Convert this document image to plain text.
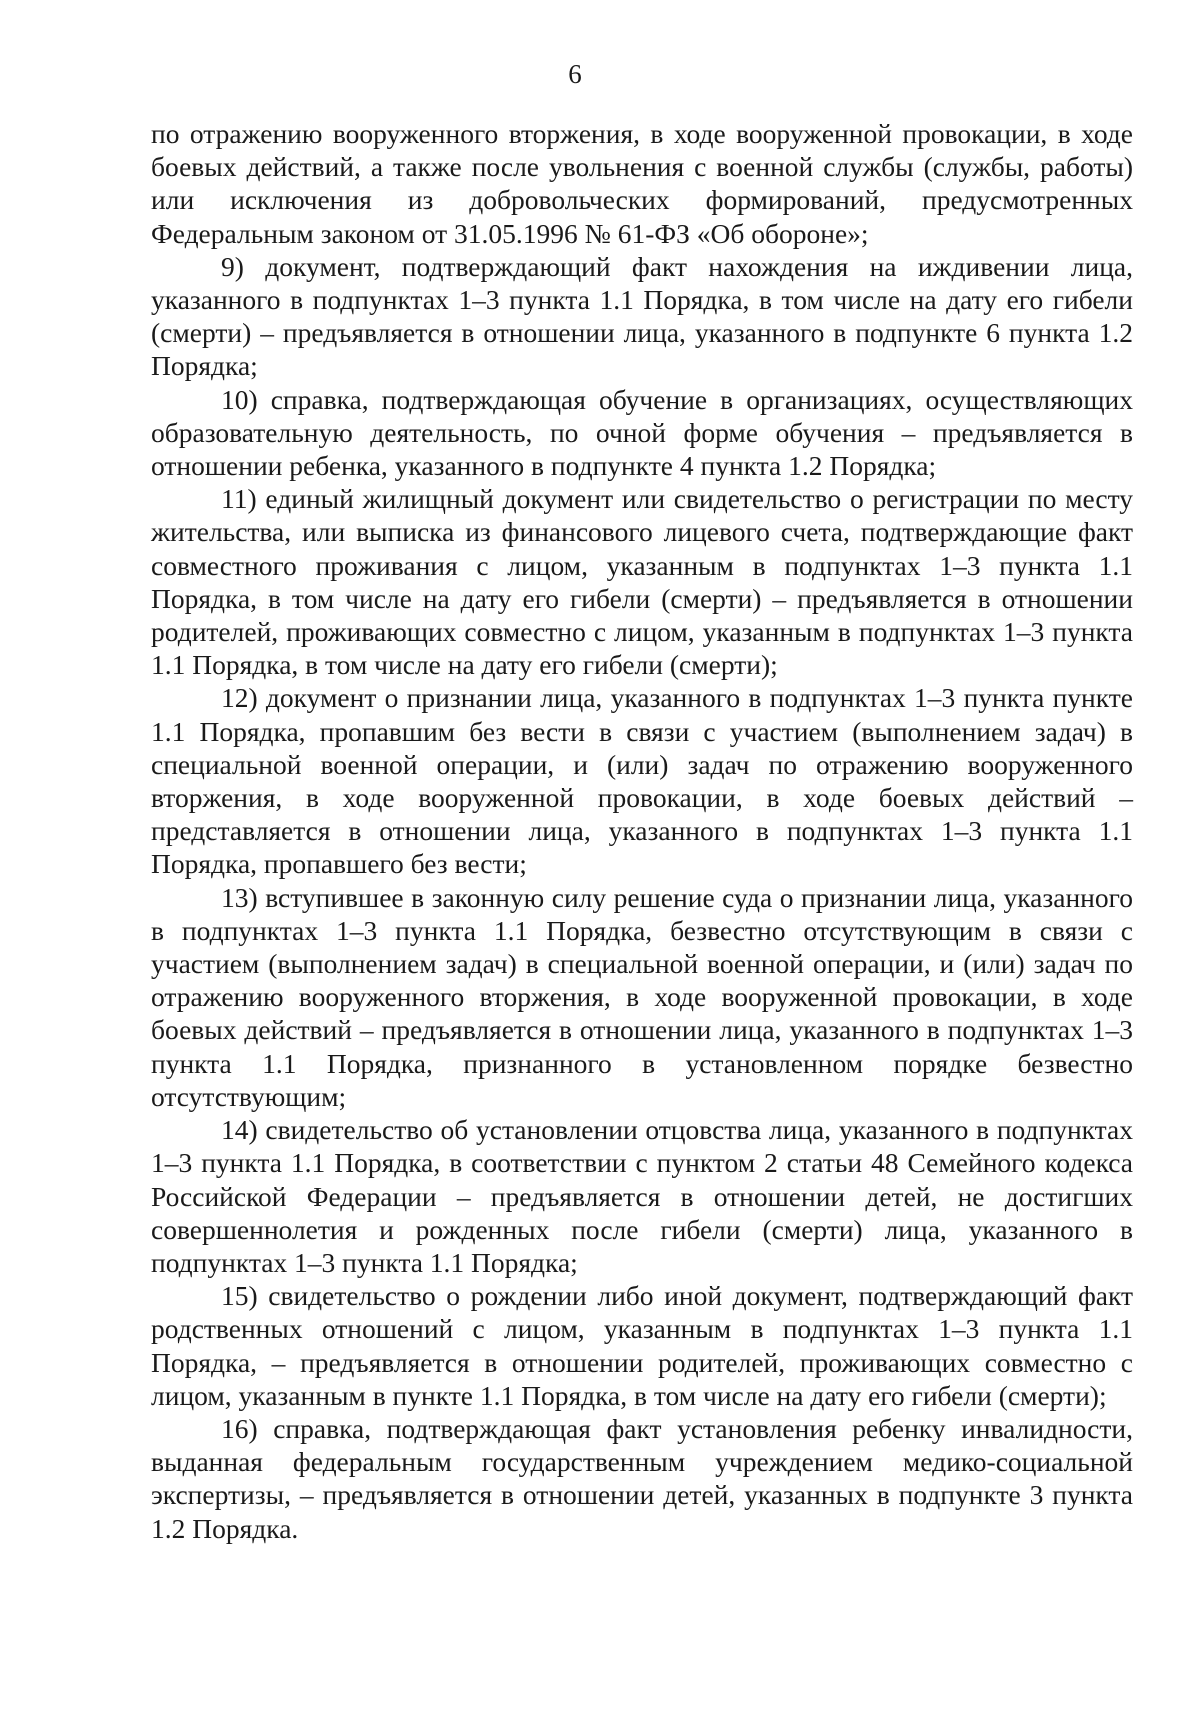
6

по отражению вооруженного вторжения, в ходе вооруженной провокации, в ходе боевых действий, а также после увольнения с военной службы (службы, работы) или исключения из добровольческих формирований, предусмотренных Федеральным законом от 31.05.1996 № 61-ФЗ «Об обороне»;

9) документ, подтверждающий факт нахождения на иждивении лица, указанного в подпунктах 1–3 пункта 1.1 Порядка, в том числе на дату его гибели (смерти) – предъявляется в отношении лица, указанного в подпункте 6 пункта 1.2 Порядка;

10) справка, подтверждающая обучение в организациях, осуществляющих образовательную деятельность, по очной форме обучения – предъявляется в отношении ребенка, указанного в подпункте 4 пункта 1.2 Порядка;

11) единый жилищный документ или свидетельство о регистрации по месту жительства, или выписка из финансового лицевого счета, подтверждающие факт совместного проживания с лицом, указанным в подпунктах 1–3 пункта 1.1 Порядка, в том числе на дату его гибели (смерти) – предъявляется в отношении родителей, проживающих совместно с лицом, указанным в подпунктах 1–3 пункта 1.1 Порядка, в том числе на дату его гибели (смерти);

12) документ о признании лица, указанного в подпунктах 1–3 пункта пункте 1.1 Порядка, пропавшим без вести в связи с участием (выполнением задач) в специальной военной операции, и (или) задач по отражению вооруженного вторжения, в ходе вооруженной провокации, в ходе боевых действий – представляется в отношении лица, указанного в подпунктах 1–3 пункта 1.1 Порядка, пропавшего без вести;

13) вступившее в законную силу решение суда о признании лица, указанного в подпунктах 1–3 пункта 1.1 Порядка, безвестно отсутствующим в связи с участием (выполнением задач) в специальной военной операции, и (или) задач по отражению вооруженного вторжения, в ходе вооруженной провокации, в ходе боевых действий – предъявляется в отношении лица, указанного в подпунктах 1–3 пункта 1.1 Порядка, признанного в установленном порядке безвестно отсутствующим;

14) свидетельство об установлении отцовства лица, указанного в подпунктах 1–3 пункта 1.1 Порядка, в соответствии с пунктом 2 статьи 48 Семейного кодекса Российской Федерации – предъявляется в отношении детей, не достигших совершеннолетия и рожденных после гибели (смерти) лица, указанного в подпунктах 1–3 пункта 1.1 Порядка;

15) свидетельство о рождении либо иной документ, подтверждающий факт родственных отношений с лицом, указанным в подпунктах 1–3 пункта 1.1 Порядка, – предъявляется в отношении родителей, проживающих совместно с лицом, указанным в пункте 1.1 Порядка, в том числе на дату его гибели (смерти);

16) справка, подтверждающая факт установления ребенку инвалидности, выданная федеральным государственным учреждением медико-социальной экспертизы, – предъявляется в отношении детей, указанных в подпункте 3 пункта 1.2 Порядка.
